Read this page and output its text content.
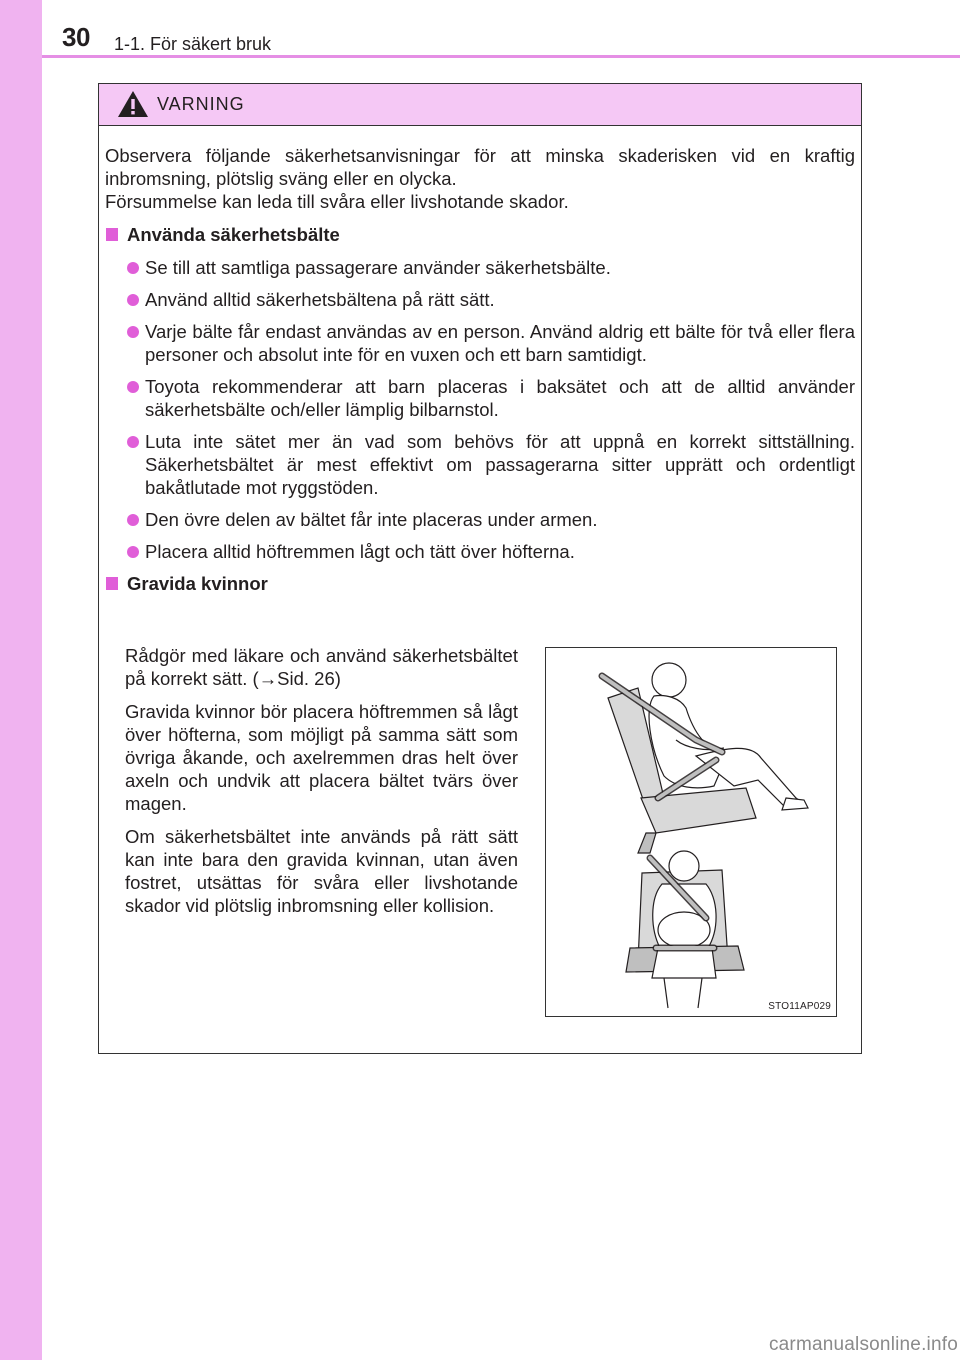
30 1-1. För säkert bruk
VARNING

Observera följande säkerhetsanvisningar för att minska skaderisken vid en kraftig inbromsning, plötslig sväng eller en olycka.

Försummelse kan leda till svåra eller livshotande skador.

Använda säkerhetsbälte
Se till att samtliga passagerare använder säkerhetsbälte.
Använd alltid säkerhetsbältena på rätt sätt.
Varje bälte får endast användas av en person. Använd aldrig ett bälte för två eller flera personer och absolut inte för en vuxen och ett barn samtidigt.
Toyota rekommenderar att barn placeras i baksätet och att de alltid använder säkerhetsbälte och/eller lämplig bilbarnstol.
Luta inte sätet mer än vad som behövs för att uppnå en korrekt sittställning. Säkerhetsbältet är mest effektivt om passagerarna sitter upprätt och ordentligt bakåtlutade mot ryggstöden.
Den övre delen av bältet får inte placeras under armen.
Placera alltid höftremmen lågt och tätt över höfterna.
Gravida kvinnor

Rådgör med läkare och använd säkerhetsbältet på korrekt sätt. (→Sid. 26)

Gravida kvinnor bör placera höftremmen så lågt över höfterna, som möjligt på samma sätt som övriga åkande, och axelremmen dras helt över axeln och undvik att placera bältet tvärs över magen.

Om säkerhetsbältet inte används på rätt sätt kan inte bara den gravida kvinnan, utan även fostret, utsättas för svåra eller livshotande skador vid plötslig inbromsning eller kollision.

STO11AP029
carmanualsonline.info
